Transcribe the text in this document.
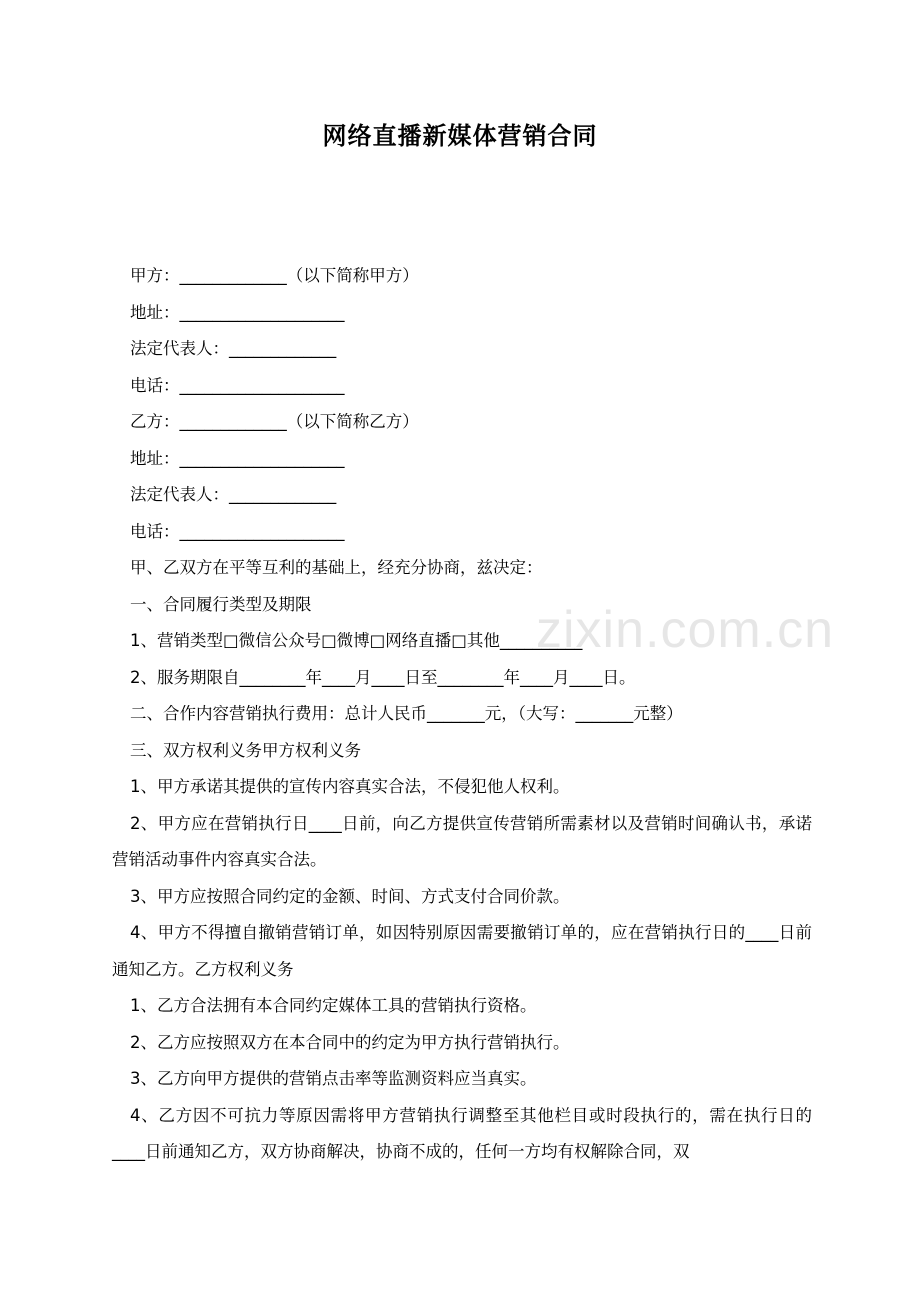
网络直播新媒体营销合同
甲方：_____________（以下简称甲方）
地址：____________________
法定代表人：_____________
电话：____________________
乙方：_____________（以下简称乙方）
地址：____________________
法定代表人：_____________
电话：____________________
甲、乙双方在平等互利的基础上，经充分协商，兹决定：
一、合同履行类型及期限
1、营销类型□微信公众号□微博□网络直播□其他__________
2、服务期限自________年____月____日至________年____月____日。
二、合作内容营销执行费用：总计人民币_______元，（大写：_______元整）
三、双方权利义务甲方权利义务
1、甲方承诺其提供的宣传内容真实合法，不侵犯他人权利。
2、甲方应在营销执行日____日前，向乙方提供宣传营销所需素材以及营销时间确认书，承诺营销活动事件内容真实合法。
3、甲方应按照合同约定的金额、时间、方式支付合同价款。
4、甲方不得擅自撤销营销订单，如因特别原因需要撤销订单的，应在营销执行日的____日前通知乙方。乙方权利义务
1、乙方合法拥有本合同约定媒体工具的营销执行资格。
2、乙方应按照双方在本合同中的约定为甲方执行营销执行。
3、乙方向甲方提供的营销点击率等监测资料应当真实。
4、乙方因不可抗力等原因需将甲方营销执行调整至其他栏目或时段执行的，需在执行日的____日前通知乙方，双方协商解决，协商不成的，任何一方均有权解除合同，双
zixin.com.cn
